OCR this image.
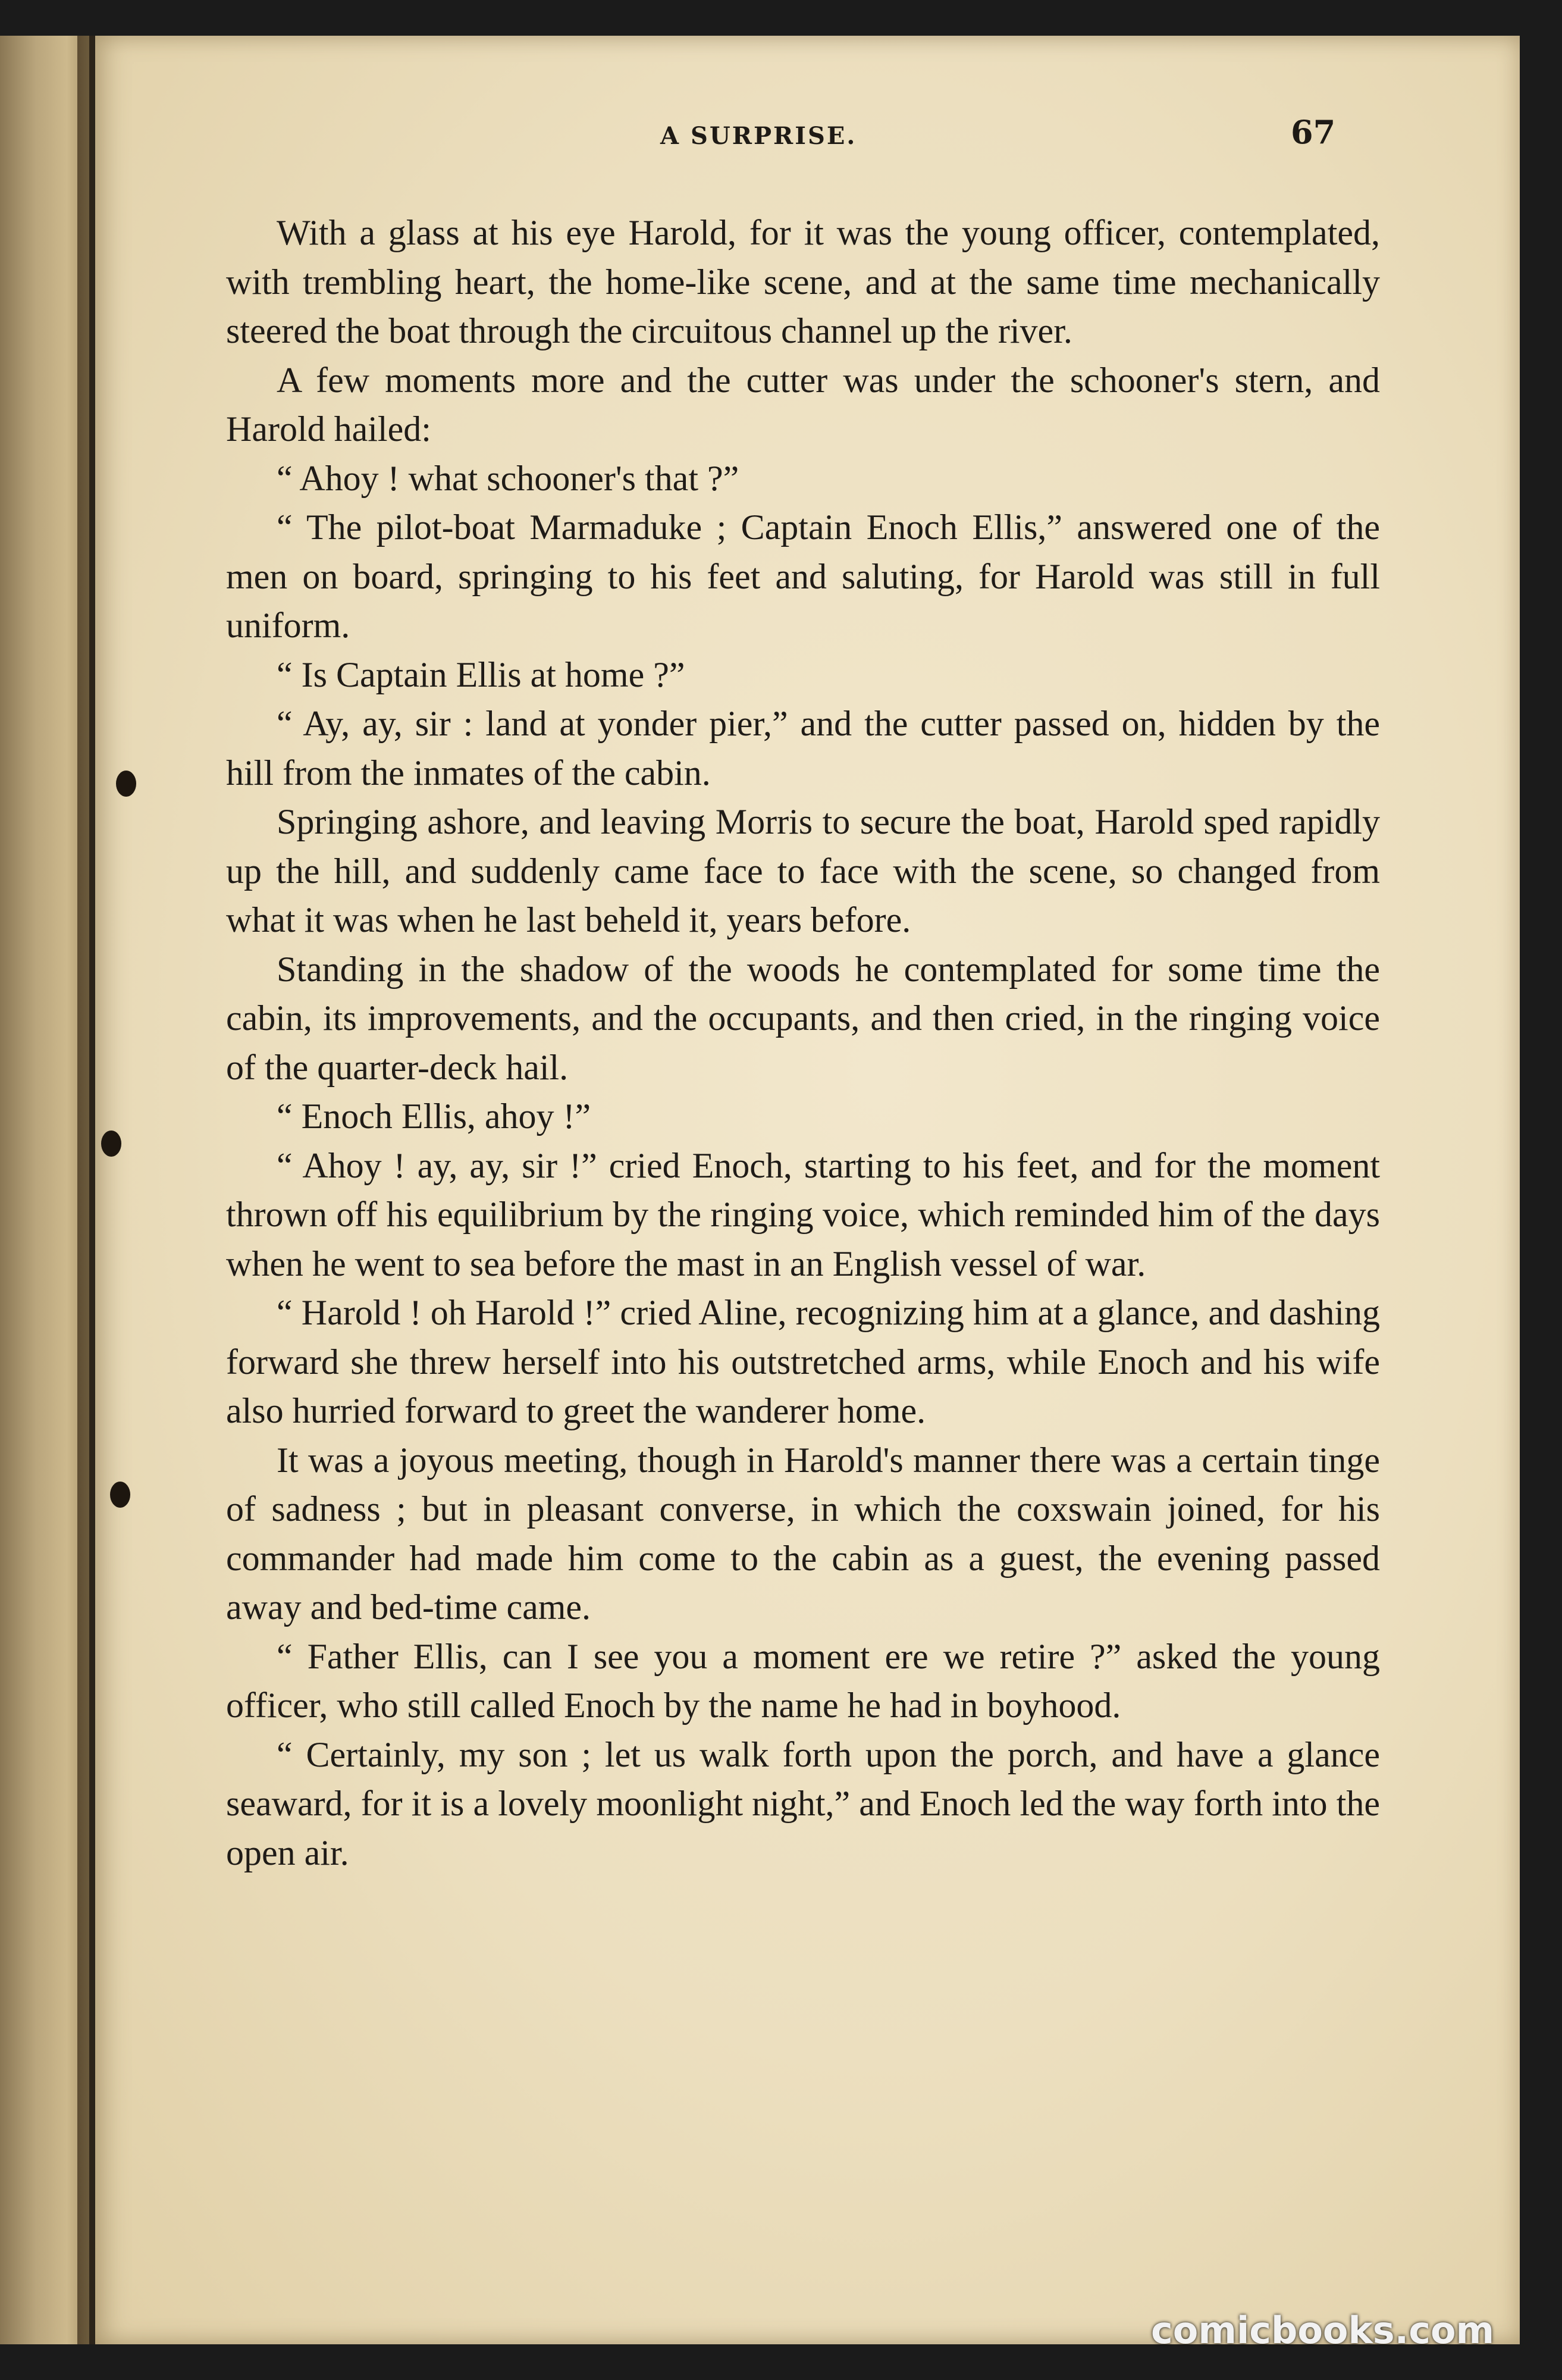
A SURPRISE.	67

With a glass at his eye Harold, for it was the young officer, contemplated, with trembling heart, the home-like scene, and at the same time mechanically steered the boat through the circuitous channel up the river.

A few moments more and the cutter was under the schooner's stern, and Harold hailed:

“ Ahoy ! what schooner's that ?”

“ The pilot-boat Marmaduke ; Captain Enoch Ellis,” answered one of the men on board, springing to his feet and saluting, for Harold was still in full uniform.

“ Is Captain Ellis at home ?”

“ Ay, ay, sir : land at yonder pier,” and the cutter passed on, hidden by the hill from the inmates of the cabin.

Springing ashore, and leaving Morris to secure the boat, Harold sped rapidly up the hill, and suddenly came face to face with the scene, so changed from what it was when he last beheld it, years before.

Standing in the shadow of the woods he contemplated for some time the cabin, its improvements, and the occupants, and then cried, in the ringing voice of the quarter-deck hail.

“ Enoch Ellis, ahoy !”

“ Ahoy ! ay, ay, sir !” cried Enoch, starting to his feet, and for the moment thrown off his equilibrium by the ringing voice, which reminded him of the days when he went to sea before the mast in an English vessel of war.

“ Harold ! oh Harold !” cried Aline, recognizing him at a glance, and dashing forward she threw herself into his outstretched arms, while Enoch and his wife also hurried forward to greet the wanderer home.

It was a joyous meeting, though in Harold's manner there was a certain tinge of sadness ; but in pleasant converse, in which the coxswain joined, for his commander had made him come to the cabin as a guest, the evening passed away and bed-time came.

“ Father Ellis, can I see you a moment ere we retire ?” asked the young officer, who still called Enoch by the name he had in boyhood.

“ Certainly, my son ; let us walk forth upon the porch, and have a glance seaward, for it is a lovely moonlight night,” and Enoch led the way forth into the open air.

comicbooks.com
